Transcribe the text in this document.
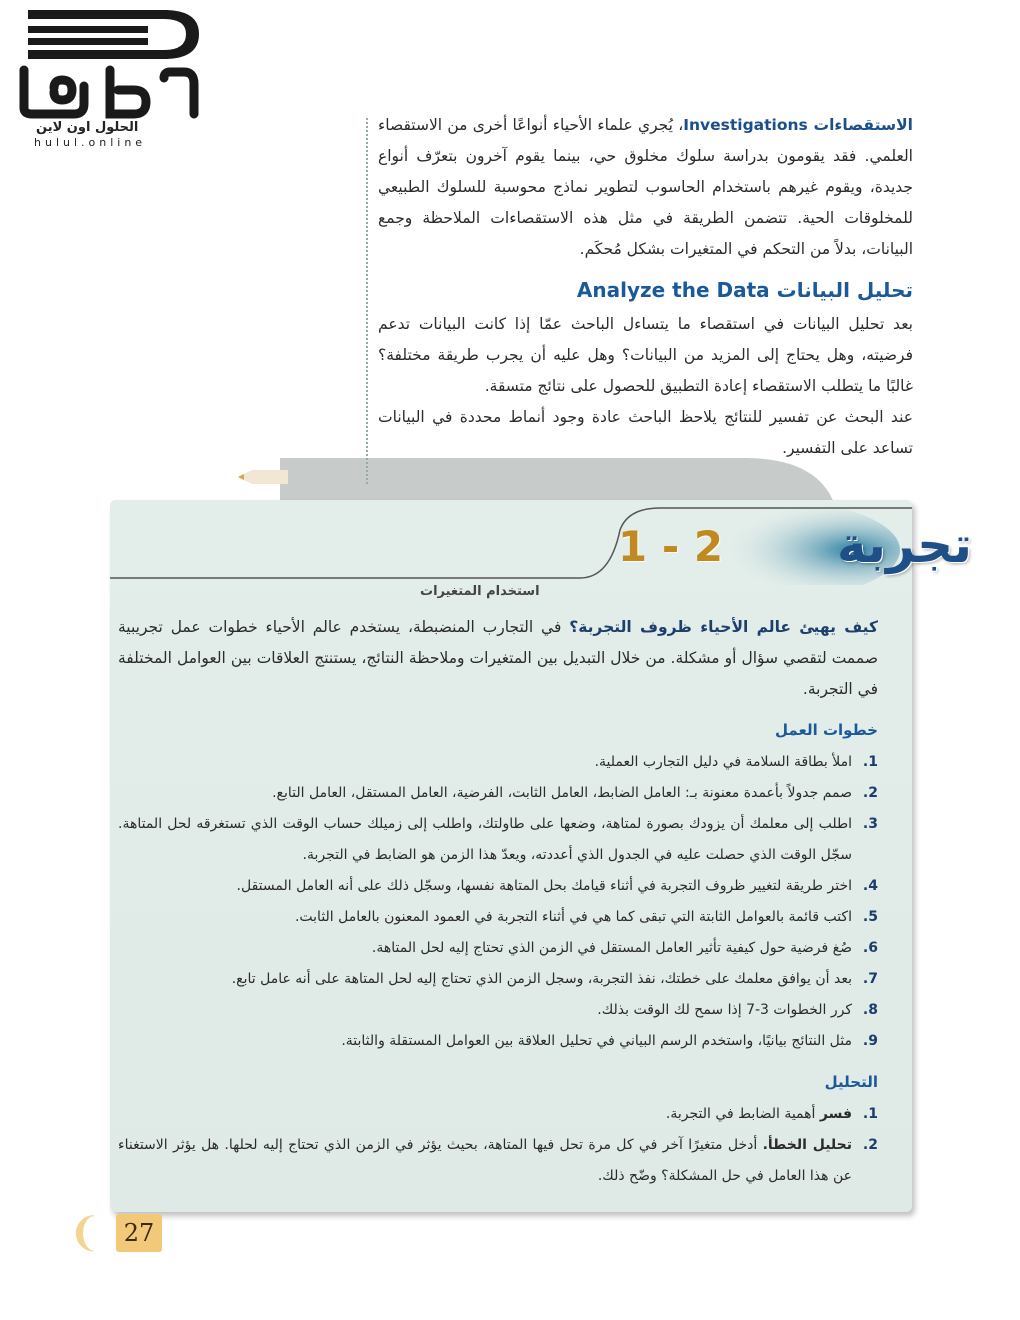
الحلول اون لاين
hulul.online

الاستقصاءات Investigations، يُجري علماء الأحياء أنواعًا أخرى من الاستقصاء العلمي. فقد يقومون بدراسة سلوك مخلوق حي، بينما يقوم آخرون بتعرّف أنواع جديدة، ويقوم غيرهم باستخدام الحاسوب لتطوير نماذج محوسبة للسلوك الطبيعي للمخلوقات الحية. تتضمن الطريقة في مثل هذه الاستقصاءات الملاحظة وجمع البيانات، بدلاً من التحكم في المتغيرات بشكل مُحكَم.

تحليل البيانات Analyze the Data

بعد تحليل البيانات في استقصاء ما يتساءل الباحث عمّا إذا كانت البيانات تدعم فرضيته، وهل يحتاج إلى المزيد من البيانات؟ وهل عليه أن يجرب طريقة مختلفة؟ غالبًا ما يتطلب الاستقصاء إعادة التطبيق للحصول على نتائج متسقة.

عند البحث عن تفسير للنتائج يلاحظ الباحث عادة وجود أنماط محددة في البيانات تساعد على التفسير.

تجربة
1 - 2
استخدام المتغيرات

كيف يهيئ عالم الأحياء ظروف التجربة؟ في التجارب المنضبطة، يستخدم عالم الأحياء خطوات عمل تجريبية صممت لتقصي سؤال أو مشكلة. من خلال التبديل بين المتغيرات وملاحظة النتائج، يستنتج العلاقات بين العوامل المختلفة في التجربة.

خطوات العمل
1.
املأ بطاقة السلامة في دليل التجارب العملية.
2.
صمم جدولاً بأعمدة معنونة بـ: العامل الضابط، العامل الثابت، الفرضية، العامل المستقل، العامل التابع.
3.
اطلب إلى معلمك أن يزودك بصورة لمتاهة، وضعها على طاولتك، واطلب إلى زميلك حساب الوقت الذي تستغرقه لحل المتاهة. سجّل الوقت الذي حصلت عليه في الجدول الذي أعددته، ويعدّ هذا الزمن هو الضابط في التجربة.
4.
اختر طريقة لتغيير ظروف التجربة في أثناء قيامك بحل المتاهة نفسها، وسجّل ذلك على أنه العامل المستقل.
5.
اكتب قائمة بالعوامل الثابتة التي تبقى كما هي في أثناء التجربة في العمود المعنون بالعامل الثابت.
6.
صُغ فرضية حول كيفية تأثير العامل المستقل في الزمن الذي تحتاج إليه لحل المتاهة.
7.
بعد أن يوافق معلمك على خطتك، نفذ التجربة، وسجل الزمن الذي تحتاج إليه لحل المتاهة على أنه عامل تابع.
8.
كرر الخطوات 3-7 إذا سمح لك الوقت بذلك.
9.
مثل النتائج بيانيًا، واستخدم الرسم البياني في تحليل العلاقة بين العوامل المستقلة والثابتة.
التحليل
1.
فسر أهمية الضابط في التجربة.
2.
تحليل الخطأ. أدخل متغيرًا آخر في كل مرة تحل فيها المتاهة، بحيث يؤثر في الزمن الذي تحتاج إليه لحلها. هل يؤثر الاستغناء عن هذا العامل في حل المشكلة؟ وضّح ذلك.
❨ 27
